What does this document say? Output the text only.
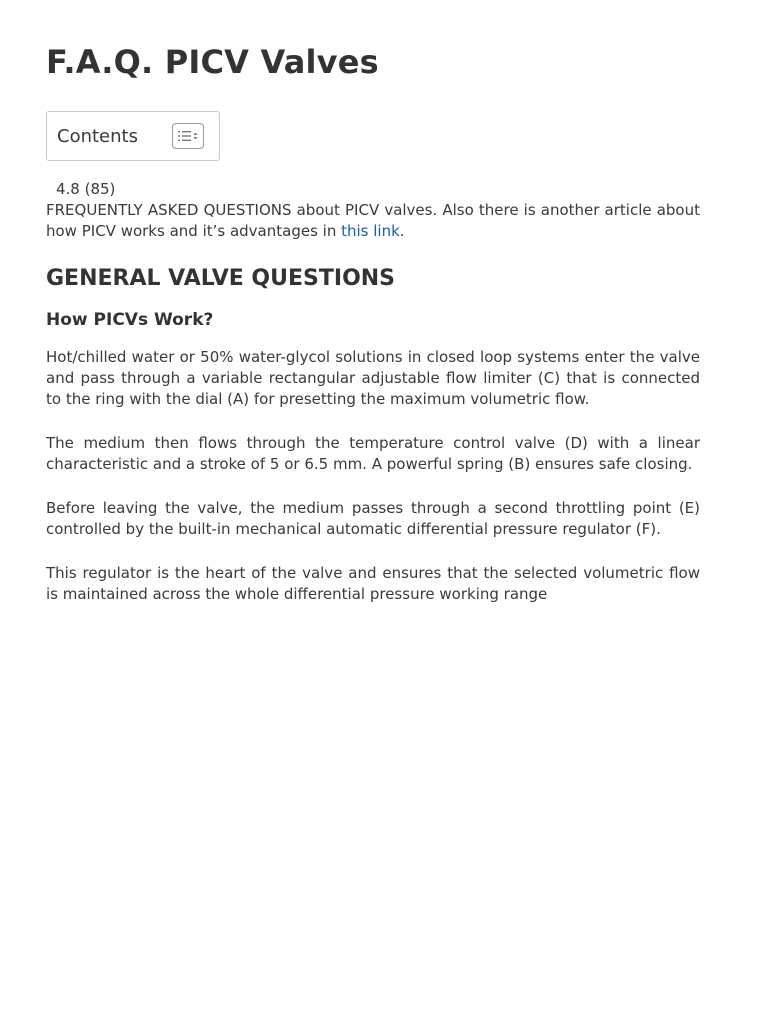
F.A.Q. PICV Valves
Contents
4.8 (85)

FREQUENTLY ASKED QUESTIONS about PICV valves. Also there is another article about how PICV works and it’s advantages in this link.

GENERAL VALVE QUESTIONS
How PICVs Work?

Hot/chilled water or 50% water-glycol solutions in closed loop systems enter the valve and pass through a variable rectangular adjustable flow limiter (C) that is connected to the ring with the dial (A) for presetting the maximum volumetric flow.

The medium then flows through the temperature control valve (D) with a linear characteristic and a stroke of 5 or 6.5 mm. A powerful spring (B) ensures safe closing.

Before leaving the valve, the medium passes through a second throttling point (E) controlled by the built-in mechanical automatic differential pressure regulator (F).

This regulator is the heart of the valve and ensures that the selected volumetric flow is maintained across the whole differential pressure working range
